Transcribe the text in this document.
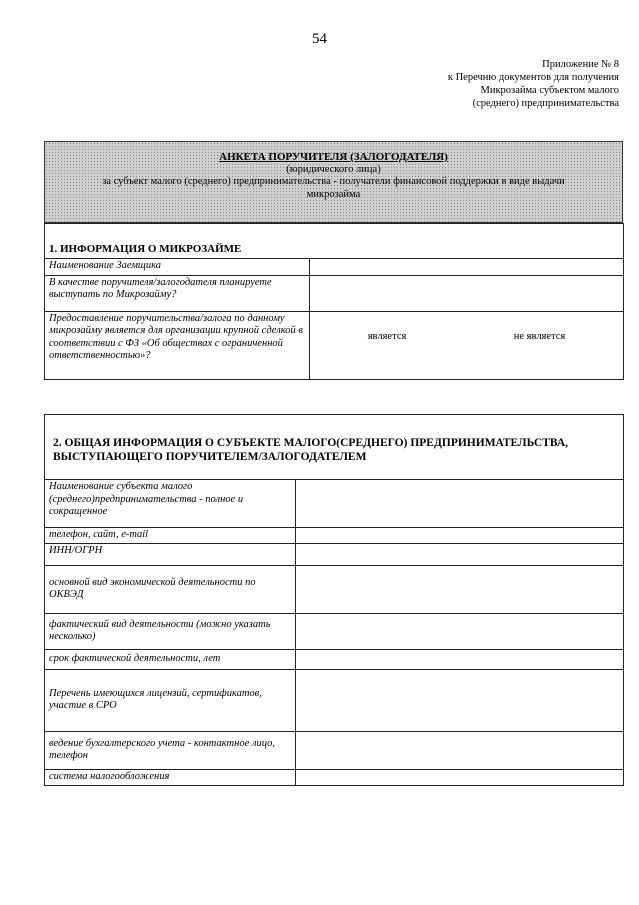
54
Приложение № 8
к Перечню документов для получения
Микрозайма субъектом малого
(среднего) предпринимательства
АНКЕТА ПОРУЧИТЕЛЯ (ЗАЛОГОДАТЕЛЯ)
(юридического лица)
за субъект малого (среднего) предпринимательства - получатели финансовой поддержки в виде выдачи
микрозайма

1. ИНФОРМАЦИЯ О МИКРОЗАЙМЕ	
Наименование Заемщика	
В качестве поручителя/залогодателя планируете выступать по Микрозайму?	
Предоставление поручительства/залога по данному микрозайму является для организации крупной сделкой в соответствии с ФЗ «Об обществах с ограниченной ответственностью»?	является не является
2. ОБЩАЯ ИНФОРМАЦИЯ О СУБЪЕКТЕ МАЛОГО(СРЕДНЕГО) ПРЕДПРИНИМАТЕЛЬСТВА,
ВЫСТУПАЮЩЕГО ПОРУЧИТЕЛЕМ/ЗАЛОГОДАТЕЛЕМ	

Наименование субъекта малого (среднего)предпринимательства - полное и сокращенное	
телефон, сайт, e-mail	
ИНН/ОГРН	
основной вид экономической деятельности по ОКВЭД	
фактический вид деятельности (можно указать несколько)	
срок фактической деятельности, лет	
Перечень имеющихся лицензий, сертификатов, участие в СРО	
ведение бухгалтерского учета - контактное лицо, телефон	
система налогообложения	
